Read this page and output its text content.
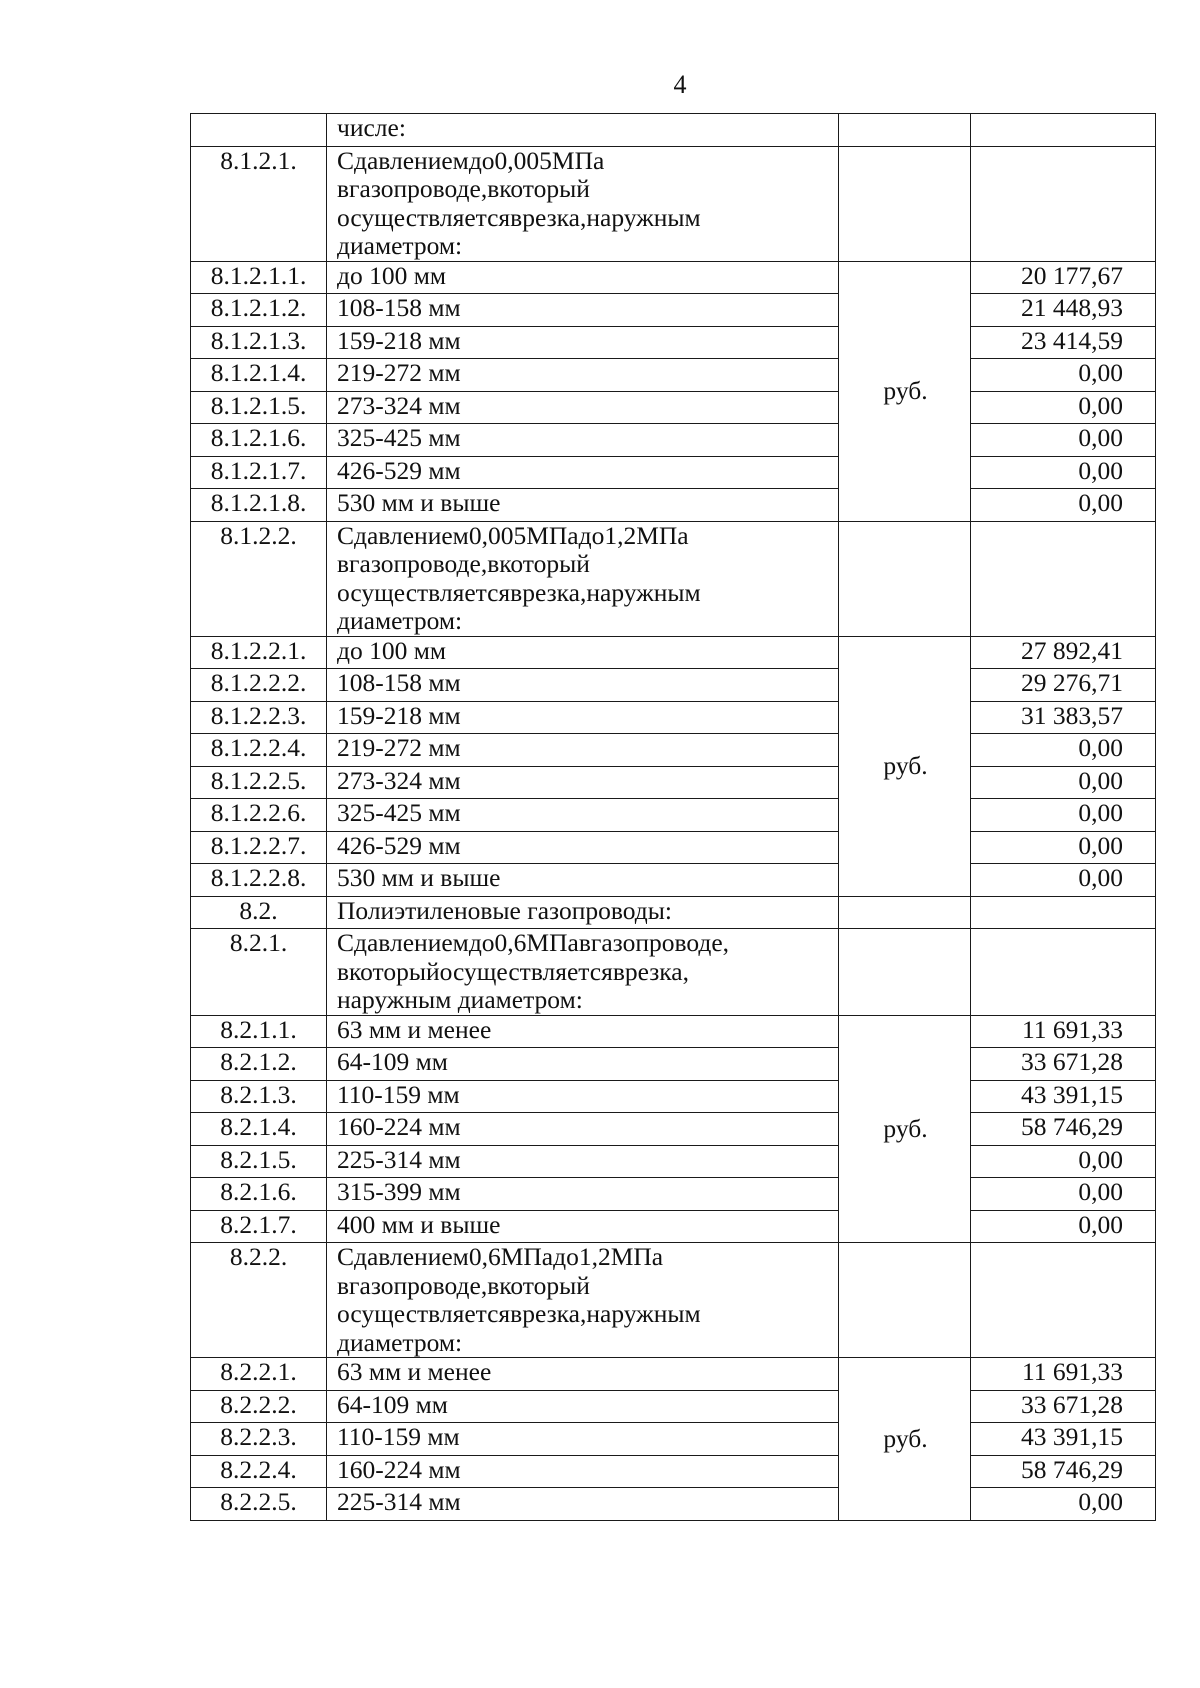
4
	числе:		
8.1.2.1.	Сдавлениемдо0,005МПа
вгазопроводе,вкоторый
осуществляетсяврезка,наружным
диаметром:		

8.1.2.1.1.	до 100 мм	руб.	20 177,67
8.1.2.1.2.	108-158 мм		21 448,93
8.1.2.1.3.	159-218 мм		23 414,59
8.1.2.1.4.	219-272 мм		0,00
8.1.2.1.5.	273-324 мм		0,00
8.1.2.1.6.	325-425 мм		0,00
8.1.2.1.7.	426-529 мм		0,00
8.1.2.1.8.	530 мм и выше		0,00
8.1.2.2.	Сдавлением0,005МПадо1,2МПа
вгазопроводе,вкоторый
осуществляетсяврезка,наружным
диаметром:		

8.1.2.2.1.	до 100 мм	руб.	27 892,41
8.1.2.2.2.	108-158 мм		29 276,71
8.1.2.2.3.	159-218 мм		31 383,57
8.1.2.2.4.	219-272 мм		0,00
8.1.2.2.5.	273-324 мм		0,00
8.1.2.2.6.	325-425 мм		0,00
8.1.2.2.7.	426-529 мм		0,00
8.1.2.2.8.	530 мм и выше		0,00
8.2.	Полиэтиленовые газопроводы:		
8.2.1.	Сдавлениемдо0,6МПавгазопроводе,
вкоторыйосуществляетсяврезка,
наружным диаметром:		

8.2.1.1.	63 мм и менее	руб.	11 691,33
8.2.1.2.	64-109 мм		33 671,28
8.2.1.3.	110-159 мм		43 391,15
8.2.1.4.	160-224 мм		58 746,29
8.2.1.5.	225-314 мм		0,00
8.2.1.6.	315-399 мм		0,00
8.2.1.7.	400 мм и выше		0,00
8.2.2.	Сдавлением0,6МПадо1,2МПа
вгазопроводе,вкоторый
осуществляетсяврезка,наружным
диаметром:		

8.2.2.1.	63 мм и менее	руб.	11 691,33
8.2.2.2.	64-109 мм		33 671,28
8.2.2.3.	110-159 мм		43 391,15
8.2.2.4.	160-224 мм		58 746,29
8.2.2.5.	225-314 мм		0,00
